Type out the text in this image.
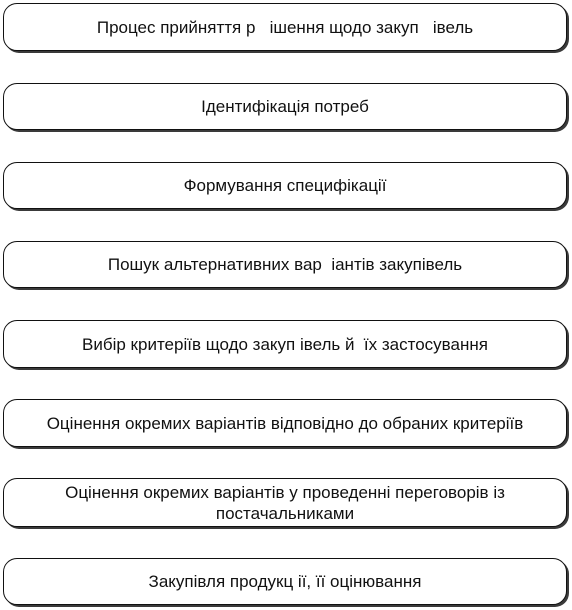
Процес прийняття р   ішення щодо закуп   івель
Ідентифікація потреб
Формування специфікації
Пошук альтернативних вар  іантів закупівель
Вибір критеріїв щодо закуп івель й  їх застосування
Оцінення окремих варіантів відповідно до обраних критеріїв
Оцінення окремих варіантів у проведенні переговорів із постачальниками
Закупівля продукц ії, її оцінювання
